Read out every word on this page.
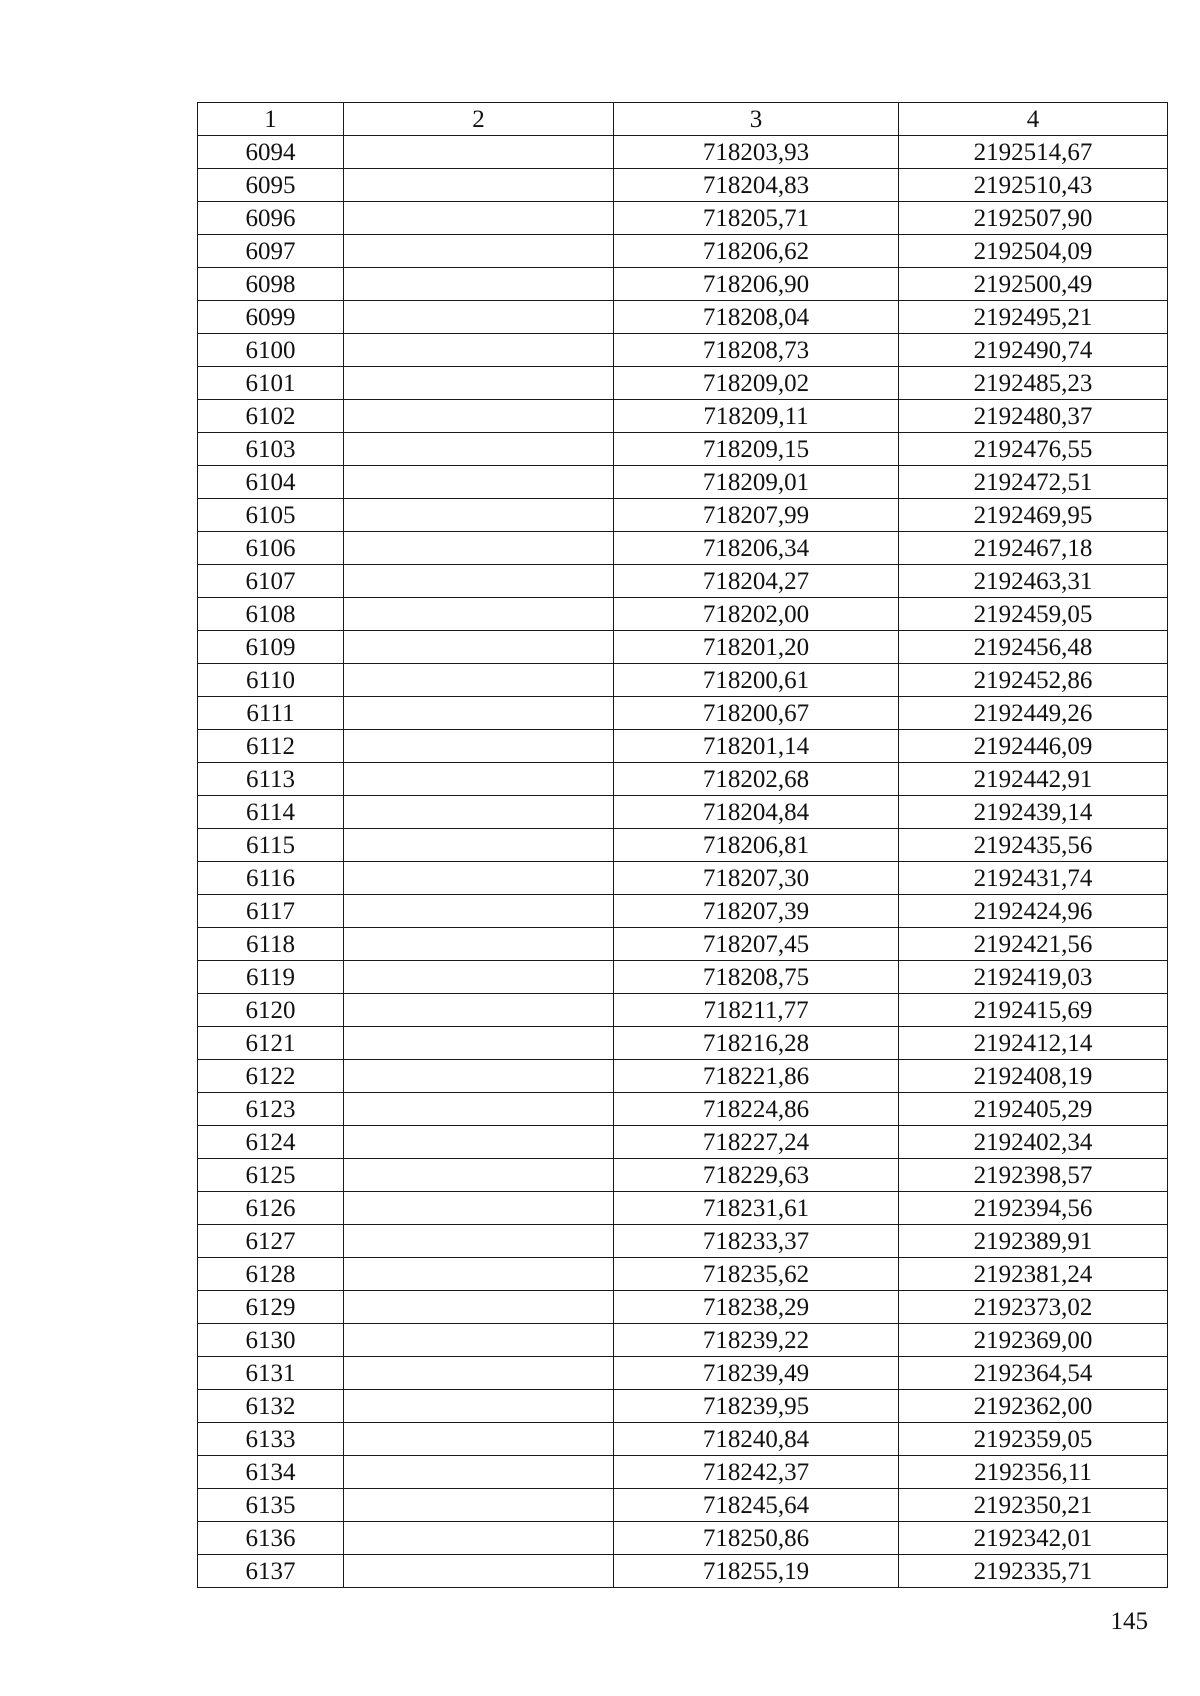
1	2	3	4
6094		718203,93	2192514,67
6095		718204,83	2192510,43
6096		718205,71	2192507,90
6097		718206,62	2192504,09
6098		718206,90	2192500,49
6099		718208,04	2192495,21
6100		718208,73	2192490,74
6101		718209,02	2192485,23
6102		718209,11	2192480,37
6103		718209,15	2192476,55
6104		718209,01	2192472,51
6105		718207,99	2192469,95
6106		718206,34	2192467,18
6107		718204,27	2192463,31
6108		718202,00	2192459,05
6109		718201,20	2192456,48
6110		718200,61	2192452,86
6111		718200,67	2192449,26
6112		718201,14	2192446,09
6113		718202,68	2192442,91
6114		718204,84	2192439,14
6115		718206,81	2192435,56
6116		718207,30	2192431,74
6117		718207,39	2192424,96
6118		718207,45	2192421,56
6119		718208,75	2192419,03
6120		718211,77	2192415,69
6121		718216,28	2192412,14
6122		718221,86	2192408,19
6123		718224,86	2192405,29
6124		718227,24	2192402,34
6125		718229,63	2192398,57
6126		718231,61	2192394,56
6127		718233,37	2192389,91
6128		718235,62	2192381,24
6129		718238,29	2192373,02
6130		718239,22	2192369,00
6131		718239,49	2192364,54
6132		718239,95	2192362,00
6133		718240,84	2192359,05
6134		718242,37	2192356,11
6135		718245,64	2192350,21
6136		718250,86	2192342,01
6137		718255,19	2192335,71
145
